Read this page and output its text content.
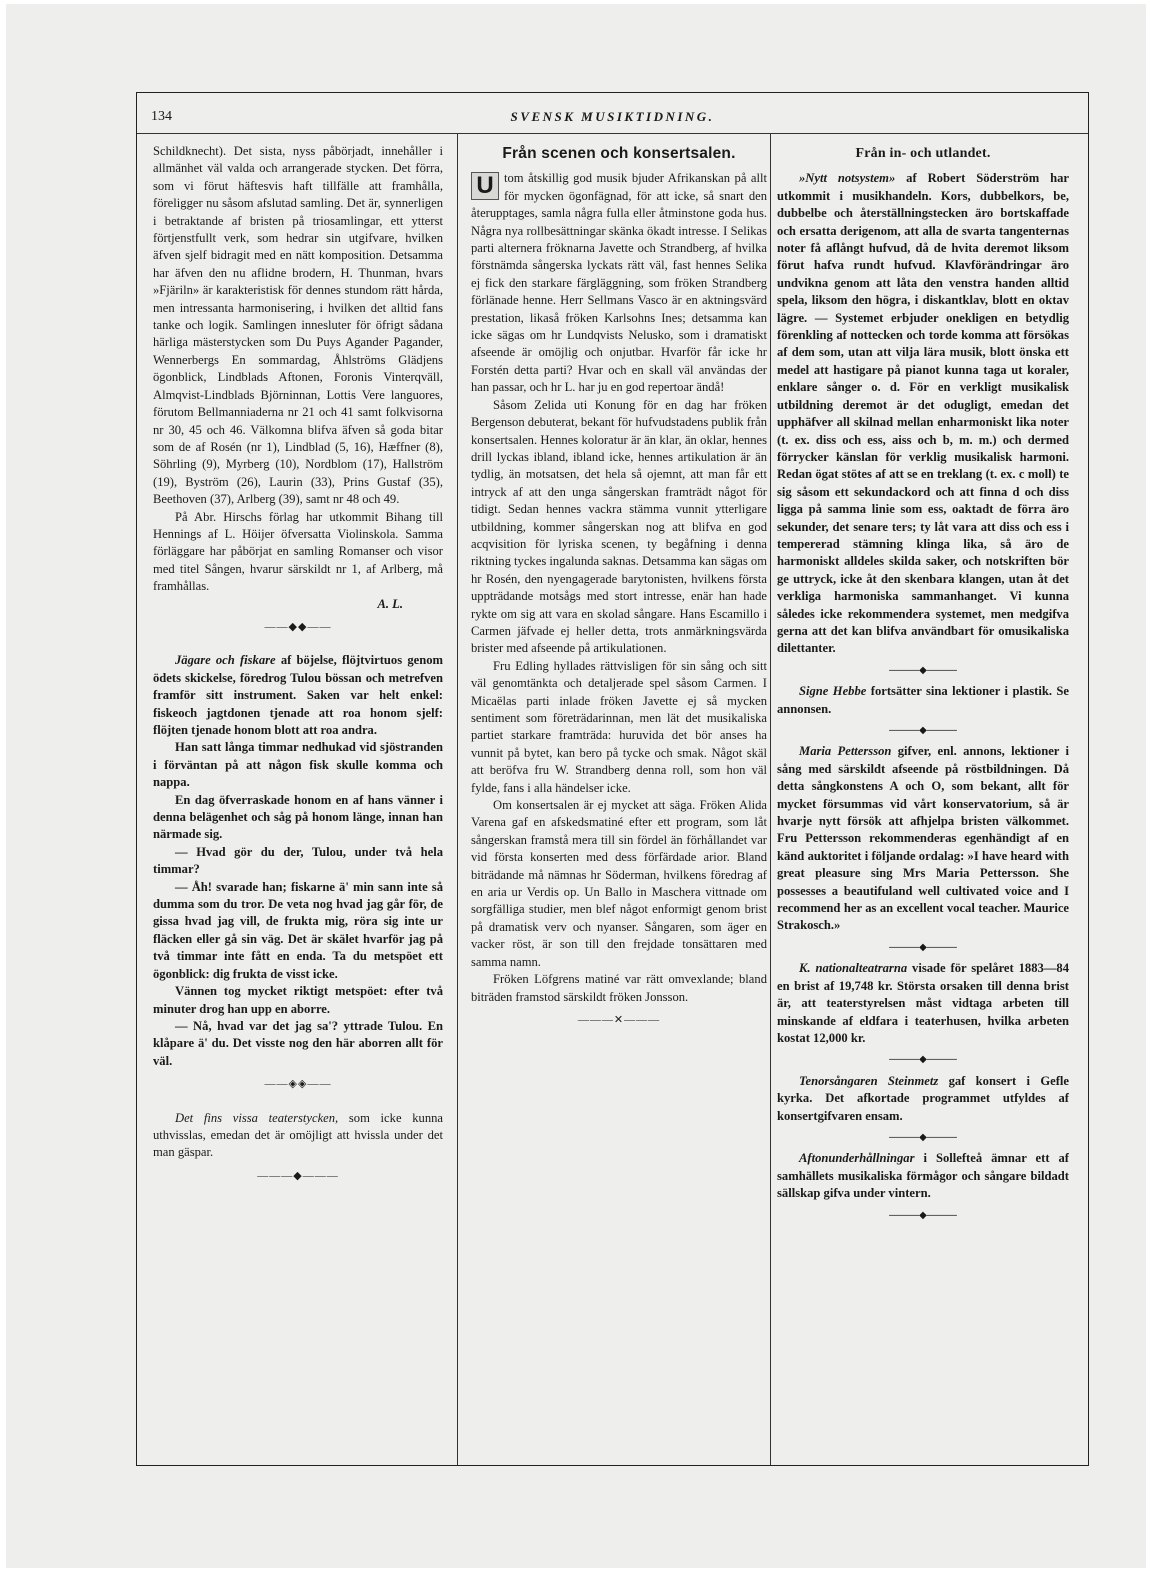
134	SVENSK MUSIKTIDNING.

Schildknecht). Det sista, nyss påbörjadt, innehåller i allmänhet väl valda och arrangerade stycken. Det förra, som vi förut häftesvis haft tillfälle att framhålla, föreligger nu såsom afslutad samling. Det är, synnerligen i betraktande af bristen på triosamlingar, ett ytterst förtjenstfullt verk, som hedrar sin utgifvare, hvilken äfven sjelf bidragit med en nätt komposition. Detsamma har äfven den nu aflidne brodern, H. Thunman, hvars »Fjäriln» är karakteristisk för dennes stundom rätt hårda, men intressanta harmonisering, i hvilken det alltid fans tanke och logik. Samlingen innesluter för öfrigt sådana härliga mästerstycken som Du Puys Agander Pagander, Wennerbergs En sommardag, Åhlströms Glädjens ögonblick, Lindblads Aftonen, Foronis Vinterqväll, Almqvist-Lindblads Björninnan, Lottis Vere languores, förutom Bellmanniaderna nr 21 och 41 samt folkvisorna nr 30, 45 och 46. Välkomna blifva äfven så goda bitar som de af Rosén (nr 1), Lindblad (5, 16), Hæffner (8), Söhrling (9), Myrberg (10), Nordblom (17), Hallström (19), Byström (26), Laurin (33), Prins Gustaf (35), Beethoven (37), Arlberg (39), samt nr 48 och 49.

På Abr. Hirschs förlag har utkommit Bihang till Hennings af L. Höijer öfversatta Violinskola. Samma förläggare har påbörjat en samling Romanser och visor med titel Sången, hvarur särskildt nr 1, af Arlberg, må framhållas.

A. L.

——◆◆——

Jägare och fiskare af böjelse, flöjtvirtuos genom ödets skickelse, föredrog Tulou bössan och metrefven framför sitt instrument. Saken var helt enkel: fiskeoch jagtdonen tjenade att roa honom sjelf: flöjten tjenade honom blott att roa andra.

Han satt långa timmar nedhukad vid sjöstranden i förväntan på att någon fisk skulle komma och nappa.

En dag öfverraskade honom en af hans vänner i denna belägenhet och såg på honom länge, innan han närmade sig.

— Hvad gör du der, Tulou, under två hela timmar?

— Åh! svarade han; fiskarne ä' min sann inte så dumma som du tror. De veta nog hvad jag går för, de gissa hvad jag vill, de frukta mig, röra sig inte ur fläcken eller gå sin väg. Det är skälet hvarför jag på två timmar inte fått en enda. Ta du metspöet ett ögonblick: dig frukta de visst icke.

Vännen tog mycket riktigt metspöet: efter två minuter drog han upp en aborre.

— Nå, hvad var det jag sa'? yttrade Tulou. En klåpare ä' du. Det visste nog den här aborren allt för väl.

——◈◈——

Det fins vissa teaterstycken, som icke kunna uthvisslas, emedan det är omöjligt att hvissla under det man gäspar.

———◆———
Från scenen och konsertsalen.

U tom åtskillig god musik bjuder Afrikanskan på allt för mycken ögonfägnad, för att icke, så snart den återupptages, samla några fulla eller åtminstone goda hus. Några nya rollbesättningar skänka ökadt intresse. I Selikas parti alternera fröknarna Javette och Strandberg, af hvilka förstnämda sångerska lyckats rätt väl, fast hennes Selika ej fick den starkare färgläggning, som fröken Strandberg förlänade henne. Herr Sellmans Vasco är en aktningsvärd prestation, likaså fröken Karlsohns Ines; detsamma kan icke sägas om hr Lundqvists Nelusko, som i dramatiskt afseende är omöjlig och onjutbar. Hvarför får icke hr Forstén detta parti? Hvar och en skall väl användas der han passar, och hr L. har ju en god repertoar ändå!

Såsom Zelida uti Konung för en dag har fröken Bergenson debuterat, bekant för hufvudstadens publik från konsertsalen. Hennes koloratur är än klar, än oklar, hennes drill lyckas ibland, ibland icke, hennes artikulation är än tydlig, än motsatsen, det hela så ojemnt, att man får ett intryck af att den unga sångerskan framträdt något för tidigt. Sedan hennes vackra stämma vunnit ytterligare utbildning, kommer sångerskan nog att blifva en god acqvisition för lyriska scenen, ty begåfning i denna riktning tyckes ingalunda saknas. Detsamma kan sägas om hr Rosén, den nyengagerade barytonisten, hvilkens första uppträdande motsågs med stort intresse, enär han hade rykte om sig att vara en skolad sångare. Hans Escamillo i Carmen jäfvade ej heller detta, trots anmärkningsvärda brister med afseende på artikulationen.

Fru Edling hyllades rättvisligen för sin sång och sitt väl genomtänkta och detaljerade spel såsom Carmen. I Micaëlas parti inlade fröken Javette ej så mycken sentiment som företrädarinnan, men lät det musikaliska partiet starkare framträda: huruvida det bör anses ha vunnit på bytet, kan bero på tycke och smak. Något skäl att beröfva fru W. Strandberg denna roll, som hon väl fylde, fans i alla händelser icke.

Om konsertsalen är ej mycket att säga. Fröken Alida Varena gaf en afskedsmatiné efter ett program, som låt sångerskan framstå mera till sin fördel än förhållandet var vid första konserten med dess förfärdade arior. Bland biträdande må nämnas hr Söderman, hvilkens föredrag af en aria ur Verdis op. Un Ballo in Maschera vittnade om sorgfälliga studier, men blef något enformigt genom brist på dramatisk verv och nyanser. Sångaren, som äger en vacker röst, är son till den frejdade tonsättaren med samma namn.

Fröken Löfgrens matiné var rätt omvexlande; bland biträden framstod särskildt fröken Jonsson.

———✕———
Från in- och utlandet.

»Nytt notsystem» af Robert Söderström har utkommit i musikhandeln. Kors, dubbelkors, be, dubbelbe och återställningstecken äro bortskaffade och ersatta derigenom, att alla de svarta tangenternas noter få aflångt hufvud, då de hvita deremot liksom förut hafva rundt hufvud. Klavförändringar äro undvikna genom att låta den venstra handen alltid spela, liksom den högra, i diskantklav, blott en oktav lägre. — Systemet erbjuder onekligen en betydlig förenkling af nottecken och torde komma att försökas af dem som, utan att vilja lära musik, blott önska ett medel att hastigare på pianot kunna taga ut koraler, enklare sånger o. d. För en verkligt musikalisk utbildning deremot är det odugligt, emedan det upphäfver all skilnad mellan enharmoniskt lika noter (t. ex. diss och ess, aiss och b, m. m.) och dermed förrycker känslan för verklig musikalisk harmoni. Redan ögat stötes af att se en treklang (t. ex. c moll) te sig såsom ett sekundackord och att finna d och diss ligga på samma linie som ess, oaktadt de förra äro sekunder, det senare ters; ty låt vara att diss och ess i tempererad stämning klinga lika, så äro de harmoniskt alldeles skilda saker, och notskriften bör ge uttryck, icke åt den skenbara klangen, utan åt det verkliga harmoniska sammanhanget. Vi kunna således icke rekommendera systemet, men medgifva gerna att det kan blifva användbart för omusikaliska dilettanter.

———◆———

Signe Hebbe fortsätter sina lektioner i plastik. Se annonsen.

———◆———

Maria Pettersson gifver, enl. annons, lektioner i sång med särskildt afseende på röstbildningen. Då detta sångkonstens A och O, som bekant, allt för mycket försummas vid vårt konservatorium, så är hvarje nytt försök att afhjelpa bristen välkommet. Fru Pettersson rekommenderas egenhändigt af en känd auktoritet i följande ordalag: »I have heard with great pleasure sing Mrs Maria Pettersson. She possesses a beautifuland well cultivated voice and I recommend her as an excellent vocal teacher. Maurice Strakosch.»

———◆———

K. nationalteatrarna visade för spelåret 1883—84 en brist af 19,748 kr. Största orsaken till denna brist är, att teaterstyrelsen måst vidtaga arbeten till minskande af eldfara i teaterhusen, hvilka arbeten kostat 12,000 kr.

———◆———

Tenorsångaren Steinmetz gaf konsert i Gefle kyrka. Det afkortade programmet utfyldes af konsertgifvaren ensam.

———◆———

Aftonunderhållningar i Sollefteå ämnar ett af samhällets musikaliska förmågor och sångare bildadt sällskap gifva under vintern.

———◆———
